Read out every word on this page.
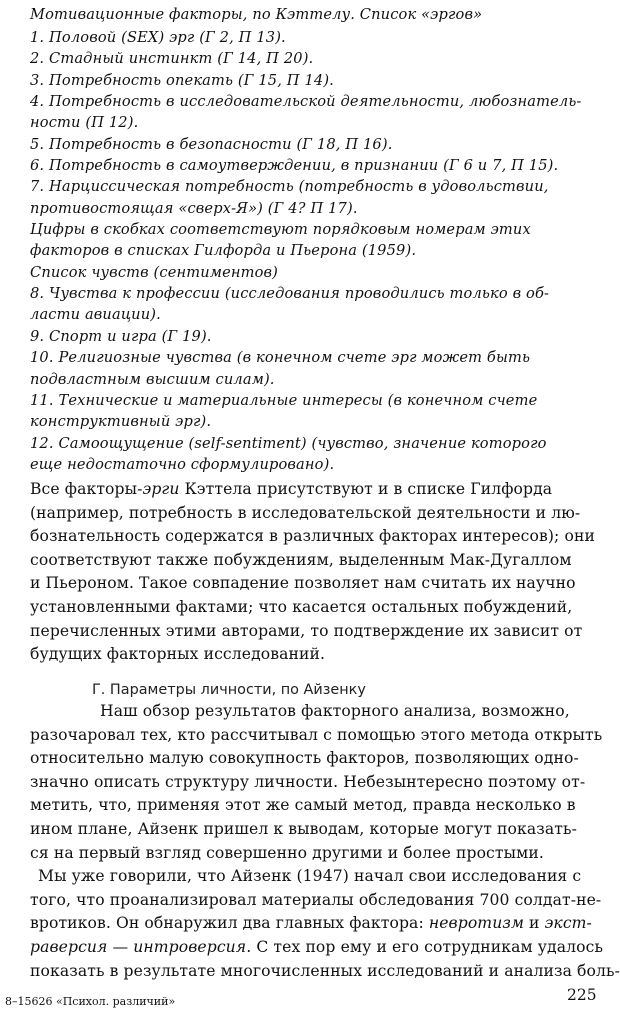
Мотивационные факторы, по Кэттелу. Список «эргов»

1. Половой (SEX) эрг (Г 2, П 13).

2. Стадный инстинкт (Г 14, П 20).

3. Потребность опекать (Г 15, П 14).

4. Потребность в исследовательской деятельности, любознатель-

ности (П 12).

5. Потребность в безопасности (Г 18, П 16).

6. Потребность в самоутверждении, в признании (Г 6 и 7, П 15).

7. Нарциссическая потребность (потребность в удовольствии,

противостоящая «сверх-Я») (Г 4? П 17).

Цифры в скобках соответствуют порядковым номерам этих

факторов в списках Гилфорда и Пьерона (1959).

Список чувств (сентиментов)

8. Чувства к профессии (исследования проводились только в об-

ласти авиации).

9. Спорт и игра (Г 19).

10. Религиозные чувства (в конечном счете эрг может быть

подвластным высшим силам).

11. Технические и материальные интересы (в конечном счете

конструктивный эрг).

12. Самоощущение (self-sentiment) (чувство, значение которого

еще недостаточно сформулировано).

Все факторы-эрги Кэттела присутствуют и в списке Гилфорда

(например, потребность в исследовательской деятельности и лю-

бознательность содержатся в различных факторах интересов); они

соответствуют также побуждениям, выделенным Мак-Дугаллом

и Пьероном. Такое совпадение позволяет нам считать их научно

установленными фактами; что касается остальных побуждений,

перечисленных этими авторами, то подтверждение их зависит от

будущих факторных исследований.

Г. Параметры личности, по Айзенку

Наш обзор результатов факторного анализа, возможно,

разочаровал тех, кто рассчитывал с помощью этого метода открыть

относительно малую совокупность факторов, позволяющих одно-

значно описать структуру личности. Небезынтересно поэтому от-

метить, что, применяя этот же самый метод, правда несколько в

ином плане, Айзенк пришел к выводам, которые могут показать-

ся на первый взгляд совершенно другими и более простыми.

Мы уже говорили, что Айзенк (1947) начал свои исследования с

того, что проанализировал материалы обследования 700 солдат-не-

вротиков. Он обнаружил два главных фактора: невротизм и экст-

раверсия — интроверсия. С тех пор ему и его сотрудникам удалось

показать в результате многочисленных исследований и анализа боль-

8–15626 «Психол. различий»	225
